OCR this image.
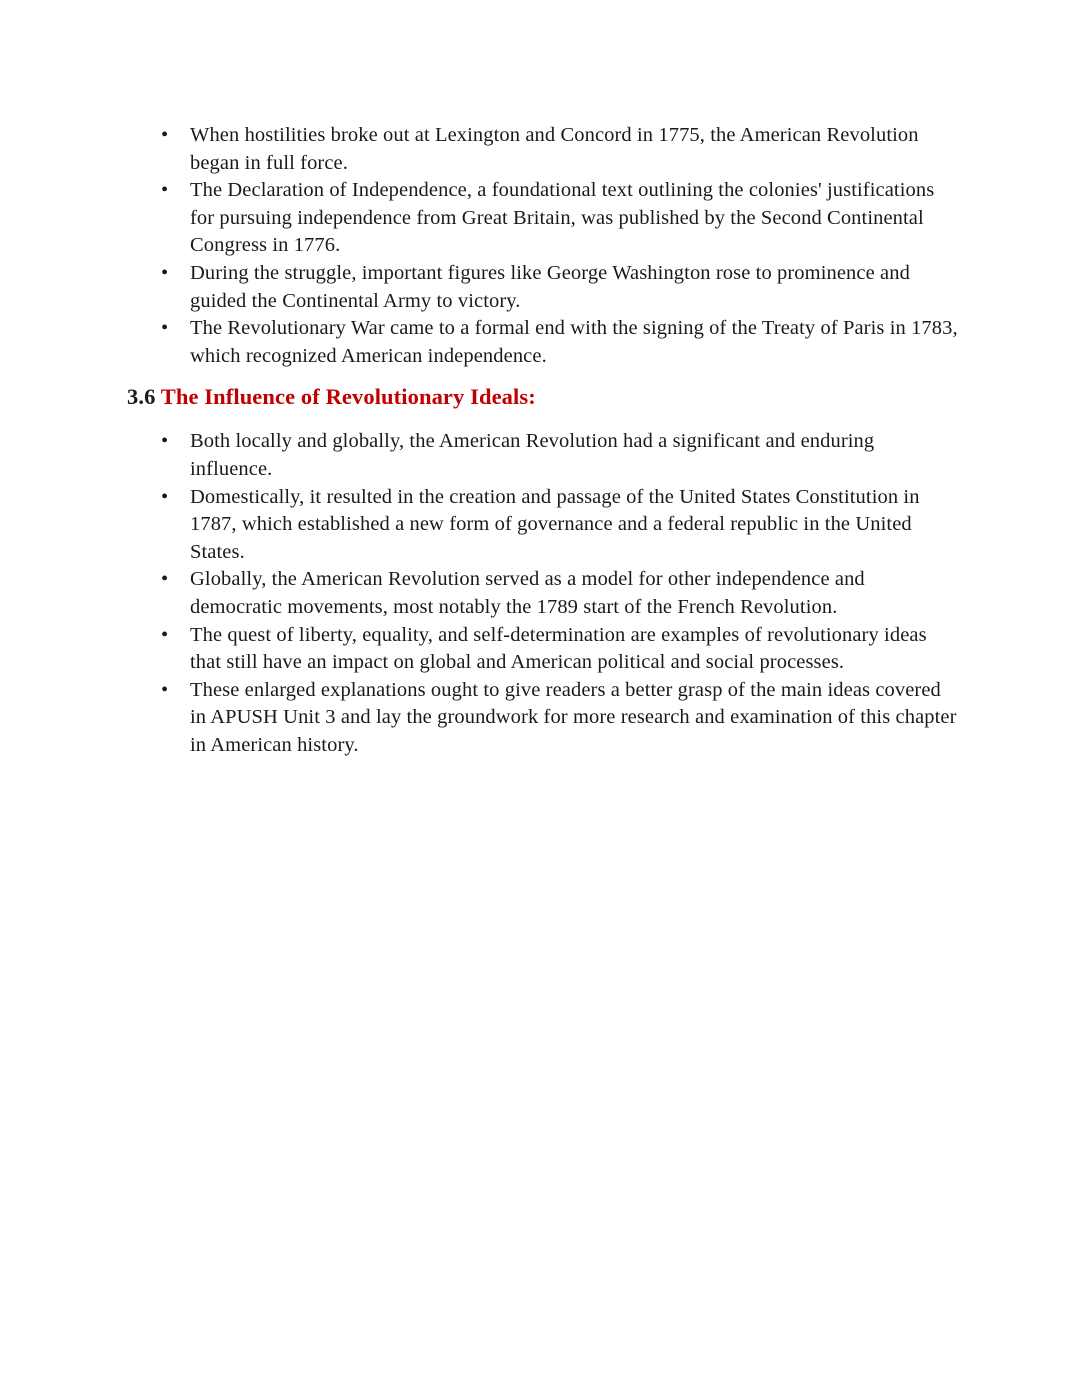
• When hostilities broke out at Lexington and Concord in 1775, the American Revolution began in full force.
• The Declaration of Independence, a foundational text outlining the colonies' justifications for pursuing independence from Great Britain, was published by the Second Continental Congress in 1776.
• During the struggle, important figures like George Washington rose to prominence and guided the Continental Army to victory.
• The Revolutionary War came to a formal end with the signing of the Treaty of Paris in 1783, which recognized American independence.
3.6 The Influence of Revolutionary Ideals:
• Both locally and globally, the American Revolution had a significant and enduring influence.
• Domestically, it resulted in the creation and passage of the United States Constitution in 1787, which established a new form of governance and a federal republic in the United States.
• Globally, the American Revolution served as a model for other independence and democratic movements, most notably the 1789 start of the French Revolution.
• The quest of liberty, equality, and self-determination are examples of revolutionary ideas that still have an impact on global and American political and social processes.
• These enlarged explanations ought to give readers a better grasp of the main ideas covered in APUSH Unit 3 and lay the groundwork for more research and examination of this chapter in American history.
